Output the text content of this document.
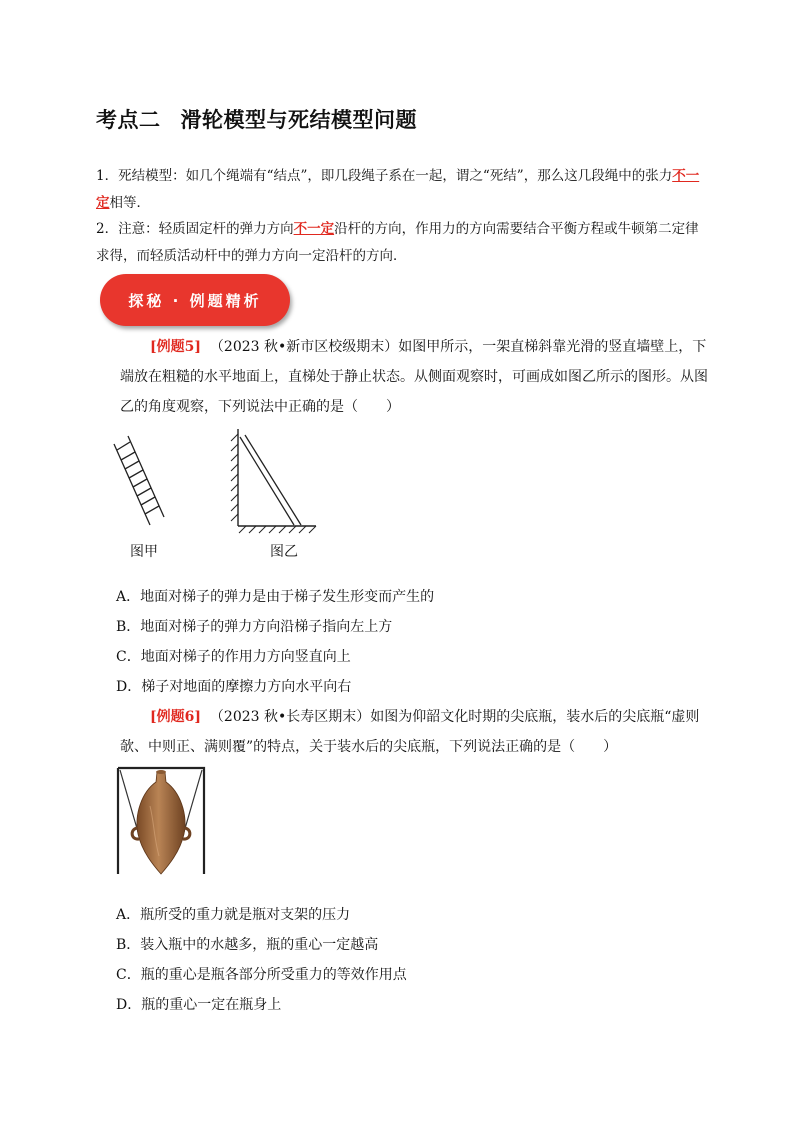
考点二 滑轮模型与死结模型问题
1．死结模型：如几个绳端有“结点”，即几段绳子系在一起，谓之“死结”，那么这几段绳中的张力不一定相等．
2．注意：轻质固定杆的弹力方向不一定沿杆的方向，作用力的方向需要结合平衡方程或牛顿第二定律求得，而轻质活动杆中的弹力方向一定沿杆的方向．
探秘 · 例题精析
[例题5] （2023 秋•新市区校级期末）如图甲所示，一架直梯斜靠光滑的竖直墙壁上，下端放在粗糙的水平地面上，直梯处于静止状态。从侧面观察时，可画成如图乙所示的图形。从图乙的角度观察，下列说法中正确的是（　　）
图甲	图乙
A．地面对梯子的弹力是由于梯子发生形变而产生的
B．地面对梯子的弹力方向沿梯子指向左上方
C．地面对梯子的作用力方向竖直向上
D．梯子对地面的摩擦力方向水平向右
[例题6] （2023 秋•长寿区期末）如图为仰韶文化时期的尖底瓶，装水后的尖底瓶“虚则欹、中则正、满则覆”的特点，关于装水后的尖底瓶，下列说法正确的是（　　）
A．瓶所受的重力就是瓶对支架的压力
B．装入瓶中的水越多，瓶的重心一定越高
C．瓶的重心是瓶各部分所受重力的等效作用点
D．瓶的重心一定在瓶身上
